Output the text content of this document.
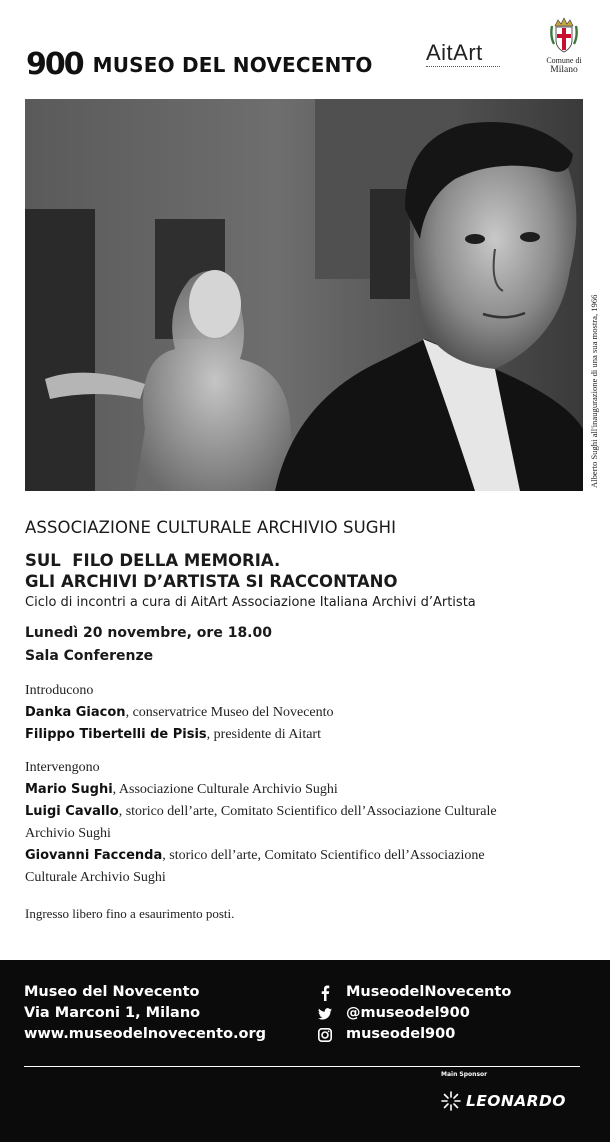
900 MUSEO DEL NOVECENTO AitArt	Comune di
Milano
Alberto Sughi all'inaugurazione di una sua mostra, 1966
ASSOCIAZIONE CULTURALE ARCHIVIO SUGHI
SUL  FILO DELLA MEMORIA.
GLI ARCHIVI D’ARTISTA SI RACCONTANO
Ciclo di incontri a cura di AitArt Associazione Italiana Archivi d’Artista
Lunedì 20 novembre, ore 18.00
Sala Conferenze
Introducono
Danka Giacon, conservatrice Museo del Novecento
Filippo Tibertelli de Pisis, presidente di Aitart
Intervengono
Mario Sughi, Associazione Culturale Archivio Sughi
Luigi Cavallo, storico dell’arte, Comitato Scientifico dell’Associazione Culturale
Archivio Sughi
Giovanni Faccenda, storico dell’arte, Comitato Scientifico dell’Associazione
Culturale Archivio Sughi
Ingresso libero fino a esaurimento posti.
Museo del Novecento
Via Marconi 1, Milano
www.museodelnovecento.org
MuseodelNovecento
@museodel900
museodel900
Main Sponsor
LEONARDO
